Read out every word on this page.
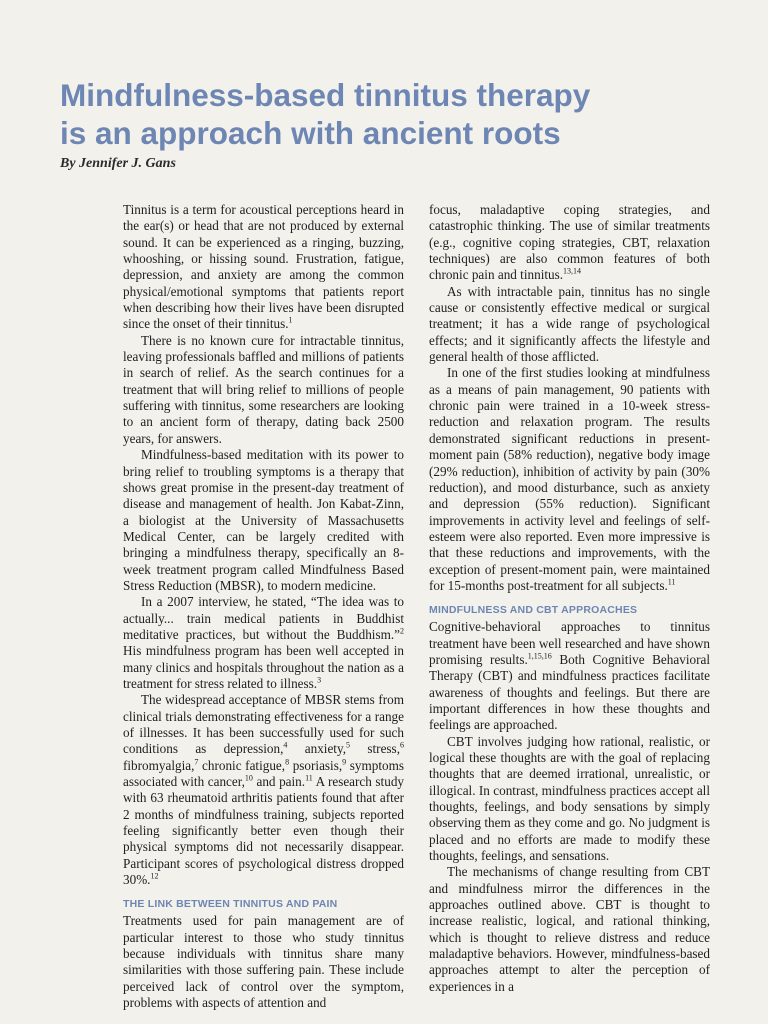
Mindfulness-based tinnitus therapy
is an approach with ancient roots

By Jennifer J. Gans

Tinnitus is a term for acoustical perceptions heard in the ear(s) or head that are not produced by external sound. It can be experienced as a ringing, buzzing, whooshing, or hissing sound. Frustration, fatigue, depression, and anxiety are among the common physical/emotional symptoms that patients report when describing how their lives have been disrupted since the onset of their tinnitus.$^1$

There is no known cure for intractable tinnitus, leaving professionals baffled and millions of patients in search of relief. As the search continues for a treatment that will bring relief to millions of people suffering with tinnitus, some researchers are looking to an ancient form of therapy, dating back 2500 years, for answers.

Mindfulness-based meditation with its power to bring relief to troubling symptoms is a therapy that shows great promise in the present-day treatment of disease and management of health. Jon Kabat-Zinn, a biologist at the University of Massachusetts Medical Center, can be largely credited with bringing a mindfulness therapy, specifically an 8-week treatment program called Mindfulness Based Stress Reduction (MBSR), to modern medicine.

In a 2007 interview, he stated, “The idea was to actually... train medical patients in Buddhist meditative practices, but without the Buddhism.”$^2$ His mindfulness program has been well accepted in many clinics and hospitals throughout the nation as a treatment for stress related to illness.$^3$

The widespread acceptance of MBSR stems from clinical trials demonstrating effectiveness for a range of illnesses. It has been successfully used for such conditions as depression,$^4$ anxiety,$^5$ stress,$^6$ fibromyalgia,$^7$ chronic fatigue,$^8$ psoriasis,$^9$ symptoms associated with cancer,$^{10}$ and pain.$^{11}$ A research study with 63 rheumatoid arthritis patients found that after 2 months of mindfulness training, subjects reported feeling significantly better even though their physical symptoms did not necessarily disappear. Participant scores of psychological distress dropped 30%.$^{12}$

THE LINK BETWEEN TINNITUS AND PAIN

Treatments used for pain management are of particular interest to those who study tinnitus because individuals with tinnitus share many similarities with those suffering pain. These include perceived lack of control over the symptom, problems with aspects of attention and

focus, maladaptive coping strategies, and catastrophic thinking. The use of similar treatments (e.g., cognitive coping strategies, CBT, relaxation techniques) are also common features of both chronic pain and tinnitus.$^{13,14}$

As with intractable pain, tinnitus has no single cause or consistently effective medical or surgical treatment; it has a wide range of psychological effects; and it significantly affects the lifestyle and general health of those afflicted.

In one of the first studies looking at mindfulness as a means of pain management, 90 patients with chronic pain were trained in a 10-week stress-reduction and relaxation program. The results demonstrated significant reductions in present-moment pain (58% reduction), negative body image (29% reduction), inhibition of activity by pain (30% reduction), and mood disturbance, such as anxiety and depression (55% reduction). Significant improvements in activity level and feelings of self-esteem were also reported. Even more impressive is that these reductions and improvements, with the exception of present-moment pain, were maintained for 15-months post-treatment for all subjects.$^{11}$

MINDFULNESS AND CBT APPROACHES

Cognitive-behavioral approaches to tinnitus treatment have been well researched and have shown promising results.$^{1,15,16}$ Both Cognitive Behavioral Therapy (CBT) and mindfulness practices facilitate awareness of thoughts and feelings. But there are important differences in how these thoughts and feelings are approached.

CBT involves judging how rational, realistic, or logical these thoughts are with the goal of replacing thoughts that are deemed irrational, unrealistic, or illogical. In contrast, mindfulness practices accept all thoughts, feelings, and body sensations by simply observing them as they come and go. No judgment is placed and no efforts are made to modify these thoughts, feelings, and sensations.

The mechanisms of change resulting from CBT and mindfulness mirror the differences in the approaches outlined above. CBT is thought to increase realistic, logical, and rational thinking, which is thought to relieve distress and reduce maladaptive behaviors. However, mindfulness-based approaches attempt to alter the perception of experiences in a
